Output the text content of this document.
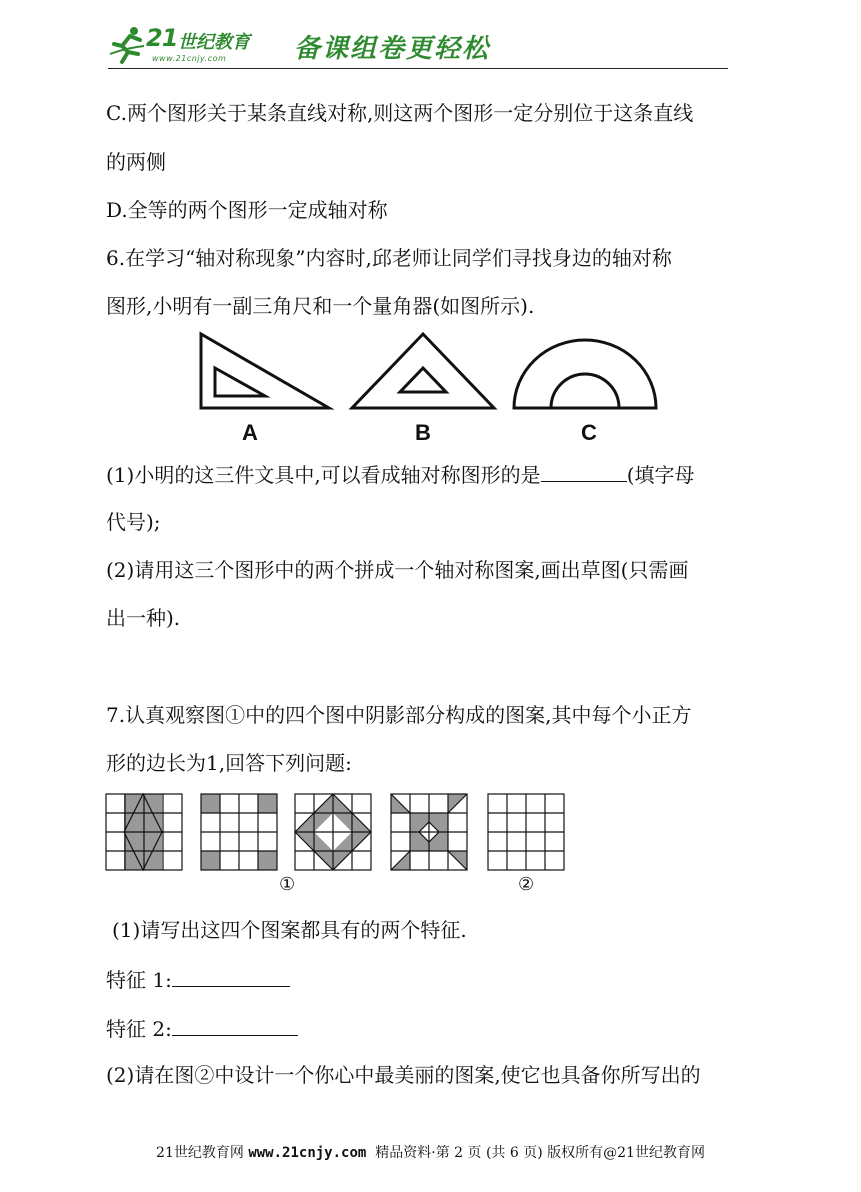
21 世纪教育
www.21cnjy.com	备课组卷更轻松
C.两个图形关于某条直线对称,则这两个图形一定分别位于这条直线
的两侧
D.全等的两个图形一定成轴对称
6.在学习“轴对称现象”内容时,邱老师让同学们寻找身边的轴对称
图形,小明有一副三角尺和一个量角器(如图所示).
A	B	C
(1)小明的这三件文具中,可以看成轴对称图形的是	(填字母
代号);
(2)请用这三个图形中的两个拼成一个轴对称图案,画出草图(只需画
出一种).
7.认真观察图①中的四个图中阴影部分构成的图案,其中每个小正方
形的边长为1,回答下列问题:
①	②
(1)请写出这四个图案都具有的两个特征.
特征 1:
特征 2:
(2)请在图②中设计一个你心中最美丽的图案,使它也具备你所写出的
21世纪教育网 www.21cnjy.com 精品资料·第 2 页 (共 6 页) 版权所有@21世纪教育网
